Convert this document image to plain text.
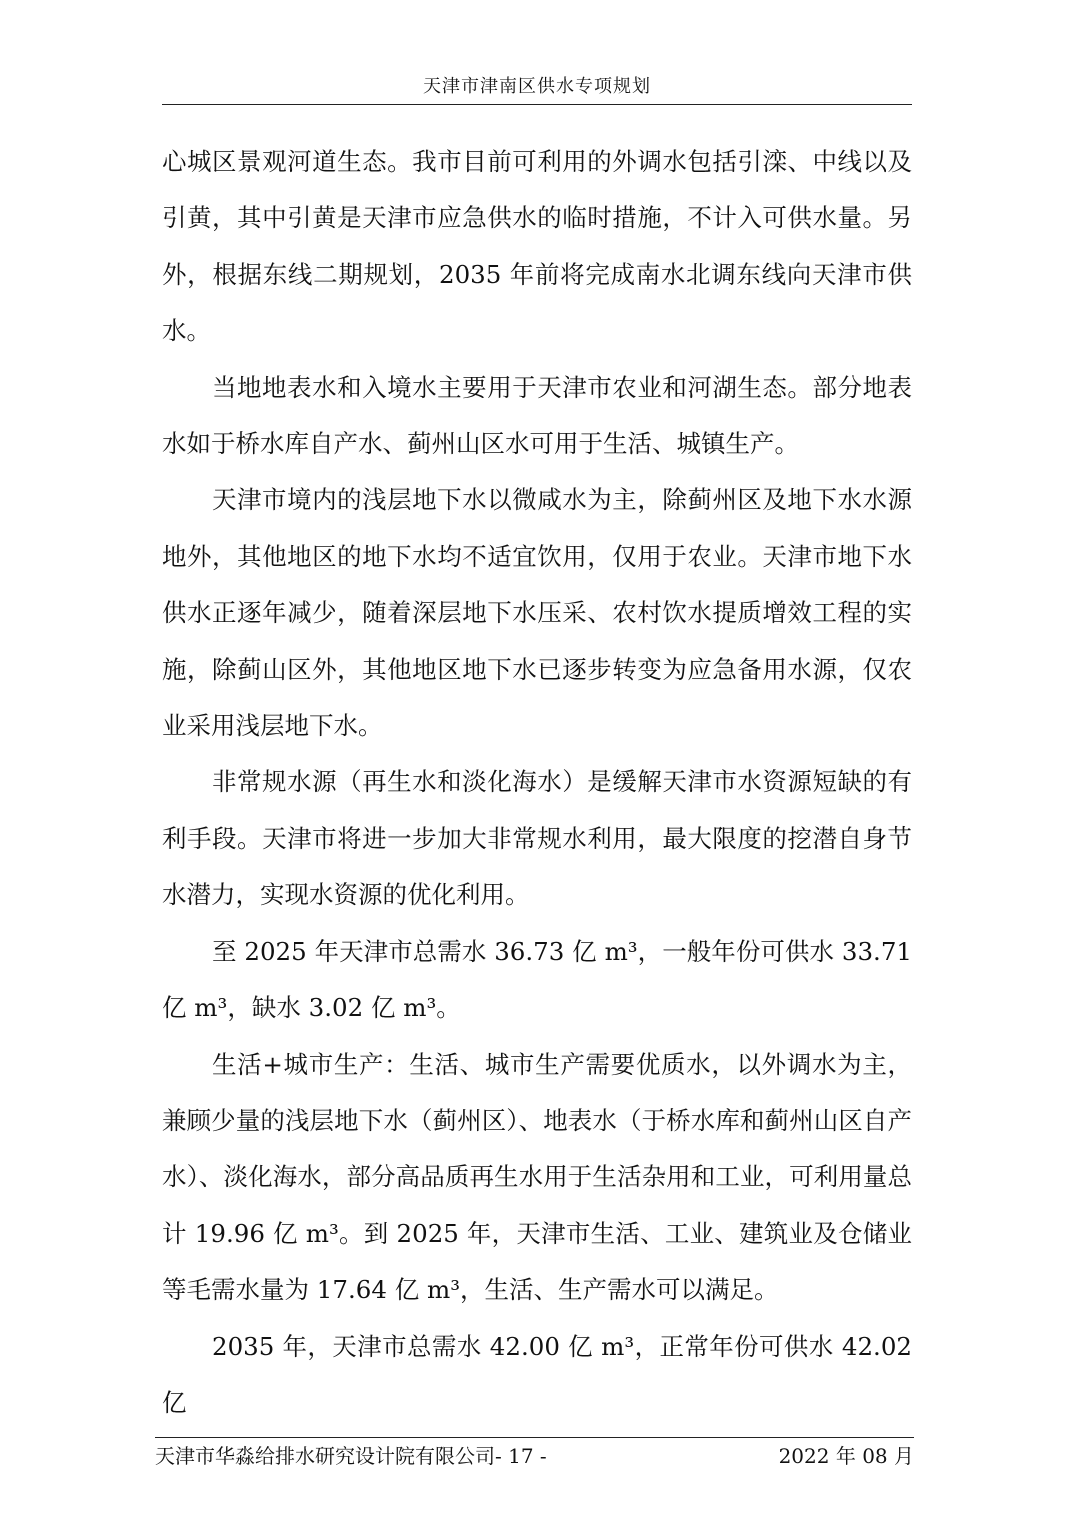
天津市津南区供水专项规划

心城区景观河道生态。我市目前可利用的外调水包括引滦、中线以及引黄，其中引黄是天津市应急供水的临时措施，不计入可供水量。另外，根据东线二期规划，2035 年前将完成南水北调东线向天津市供水。

当地地表水和入境水主要用于天津市农业和河湖生态。部分地表水如于桥水库自产水、蓟州山区水可用于生活、城镇生产。

天津市境内的浅层地下水以微咸水为主，除蓟州区及地下水水源地外，其他地区的地下水均不适宜饮用，仅用于农业。天津市地下水供水正逐年减少，随着深层地下水压采、农村饮水提质增效工程的实施，除蓟山区外，其他地区地下水已逐步转变为应急备用水源，仅农业采用浅层地下水。

非常规水源（再生水和淡化海水）是缓解天津市水资源短缺的有利手段。天津市将进一步加大非常规水利用，最大限度的挖潜自身节水潜力，实现水资源的优化利用。

至 2025 年天津市总需水 36.73 亿 m³，一般年份可供水 33.71 亿 m³，缺水 3.02 亿 m³。

生活+城市生产：生活、城市生产需要优质水，以外调水为主，兼顾少量的浅层地下水（蓟州区）、地表水（于桥水库和蓟州山区自产水）、淡化海水，部分高品质再生水用于生活杂用和工业，可利用量总计 19.96 亿 m³。到 2025 年，天津市生活、工业、建筑业及仓储业等毛需水量为 17.64 亿 m³，生活、生产需水可以满足。

2035 年，天津市总需水 42.00 亿 m³，正常年份可供水 42.02 亿

天津市华淼给排水研究设计院有限公司- 17 -	2022 年 08 月
